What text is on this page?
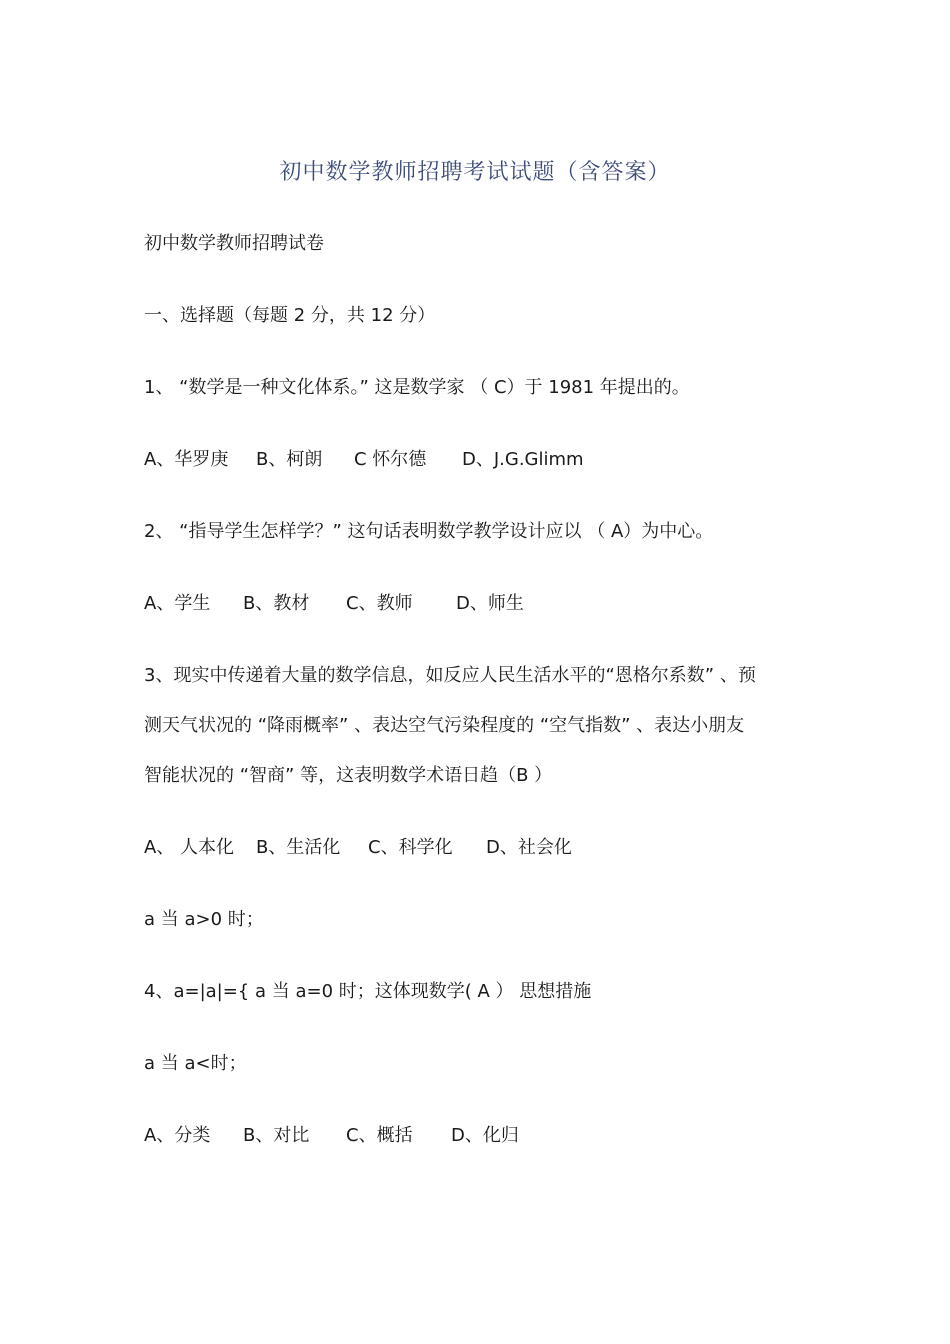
初中数学教师招聘考试试题（含答案）
初中数学教师招聘试卷
一、选择题（每题 2 分，共 12 分）
1、 “数学是一种文化体系。” 这是数学家 （ C）于 1981 年提出的。
A、华罗庚 B、柯朗 C 怀尔德 D、J.G.Glimm
2、 “指导学生怎样学？” 这句话表明数学教学设计应以 （ A）为中心。
A、学生 B、教材 C、教师 D、师生
3、现实中传递着大量的数学信息，如反应人民生活水平的“恩格尔系数” 、预
测天气状况的 “降雨概率” 、表达空气污染程度的 “空气指数” 、表达小朋友
智能状况的 “智商” 等，这表明数学术语日趋（B ）
A、 人本化 B、生活化 C、科学化 D、社会化
a 当 a>0 时；
4、a=|a|={ a 当 a=0 时；这体现数学( A ） 思想措施
a 当 a<时；
A、分类 B、对比 C、概括 D、化归
